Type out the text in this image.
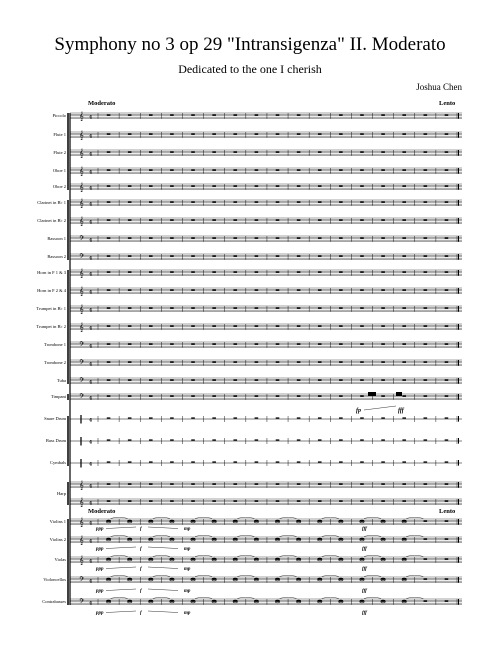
Symphony no 3 op 29 "Intransigenza" II. Moderato
Dedicated to the one I cherish
Joshua Chen
Moderato	Lento
Moderato	Lento
Piccolo 𝄞 4
Flute 1 𝄞 4
Flute 2 𝄞 4
Oboe 1 𝄞 4
Oboe 2 𝄞 4
Clarinet in B♭ 1 𝄞 4
Clarinet in B♭ 2 𝄞 4
Bassoon 1 𝄢 4
Bassoon 2 𝄢 4
Horn in F 1 & 3 𝄞 4
Horn in F 2 & 4 𝄞 4
Trumpet in B♭ 1 𝄞 4
Trumpet in B♭ 2 𝄞 4
Trombone 1 𝄢 4
Trombone 2 𝄢 4
Tuba 𝄢 4
Timpani 𝄢 4
Snare Drum ‖ 4
Bass Drum ‖ 4
Cymbals ‖ 4
Harp
𝄞 4
𝄞 4
Violins 1 𝄞 4
Violins 2 𝄞 4
Violas 𝄞 4
Violoncellos 𝄢 4
Contrabasses 𝄢 4
fp	fff
ppp	f	mp	fff
ppp	f	mp	fff
ppp	f	mp	fff
ppp	f	mp	fff
ppp	f	mp	fff
